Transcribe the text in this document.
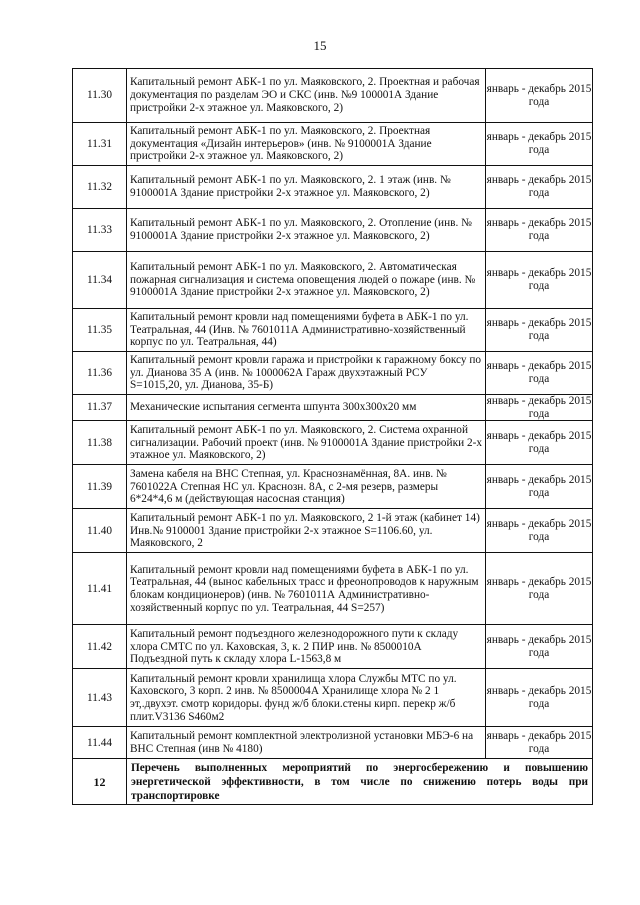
15
11.30	Капитальный ремонт АБК-1 по ул. Маяковского, 2. Проектная и рабочая документация по разделам ЭО и СКС (инв. №9 100001А Здание пристройки 2-х этажное ул. Маяковского, 2)	январь - декабрь 2015 года
11.31	Капитальный ремонт АБК-1 по ул. Маяковского, 2. Проектная документация «Дизайн интерьеров» (инв. № 9100001А Здание пристройки 2-х этажное ул. Маяковского, 2)	январь - декабрь 2015 года
11.32	Капитальный ремонт АБК-1 по ул. Маяковского, 2. 1 этаж (инв. № 9100001А Здание пристройки 2-х этажное ул. Маяковского, 2)	январь - декабрь 2015 года
11.33	Капитальный ремонт АБК-1 по ул. Маяковского, 2. Отопление (инв. № 9100001А Здание пристройки 2-х этажное ул. Маяковского, 2)	январь - декабрь 2015 года
11.34	Капитальный ремонт АБК-1 по ул. Маяковского, 2. Автоматическая пожарная сигнализация и система оповещения людей о пожаре (инв. № 9100001А Здание пристройки 2-х этажное ул. Маяковского, 2)	январь - декабрь 2015 года
11.35	Капитальный ремонт кровли над помещениями буфета в АБК-1 по ул. Театральная, 44 (Инв. № 7601011А Административно-хозяйственный корпус по ул. Театральная, 44)	январь - декабрь 2015 года
11.36	Капитальный ремонт кровли гаража и пристройки к гаражному боксу по ул. Дианова 35 А (инв. № 1000062А Гараж двухэтажный РСУ S=1015,20, ул. Дианова, 35-Б)	январь - декабрь 2015 года
11.37	Механические испытания сегмента шпунта 300х300х20 мм	январь - декабрь 2015 года
11.38	Капитальный ремонт АБК-1 по ул. Маяковского, 2. Система охранной сигнализации. Рабочий проект (инв. № 9100001А Здание пристройки 2-х этажное ул. Маяковского, 2)	январь - декабрь 2015 года
11.39	Замена кабеля на ВНС Степная, ул. Краснознамённая, 8А. инв. № 7601022А Степная НС ул. Краснозн. 8А, с 2-мя резерв, размеры 6*24*4,6 м (действующая насосная станция)	январь - декабрь 2015 года
11.40	Капитальный ремонт АБК-1 по ул. Маяковского, 2 1-й этаж (кабинет 14) Инв.№ 9100001 Здание пристройки 2-х этажное S=1106.60, ул. Маяковского, 2	январь - декабрь 2015 года
11.41	Капитальный ремонт кровли над помещениями буфета в АБК-1 по ул. Театральная, 44 (вынос кабельных трасс и фреонопроводов к наружным блокам кондиционеров) (инв. № 7601011А Административно-хозяйственный корпус по ул. Театральная, 44 S=257)	январь - декабрь 2015 года
11.42	Капитальный ремонт подъездного железнодорожного пути к складу хлора СМТС по ул. Каховская, 3, к. 2 ПИР инв. № 8500010А Подъездной путь к складу хлора L-1563,8 м	январь - декабрь 2015 года
11.43	Капитальный ремонт кровли хранилища хлора Службы МТС по ул. Каховского, 3 корп. 2 инв. № 8500004А Хранилище хлора № 2 1 эт,.двухэт. смотр коридоры. фунд ж/б блоки.стены кирп. перекр ж/б плит.V3136 S460м2	январь - декабрь 2015 года
11.44	Капитальный ремонт комплектной электролизной установки МБЭ-6 на ВНС Степная (инв № 4180)	январь - декабрь 2015 года
12	Перечень выполненных мероприятий по энергосбережению и повышению энергетической эффективности, в том числе по снижению потерь воды при транспортировке	
